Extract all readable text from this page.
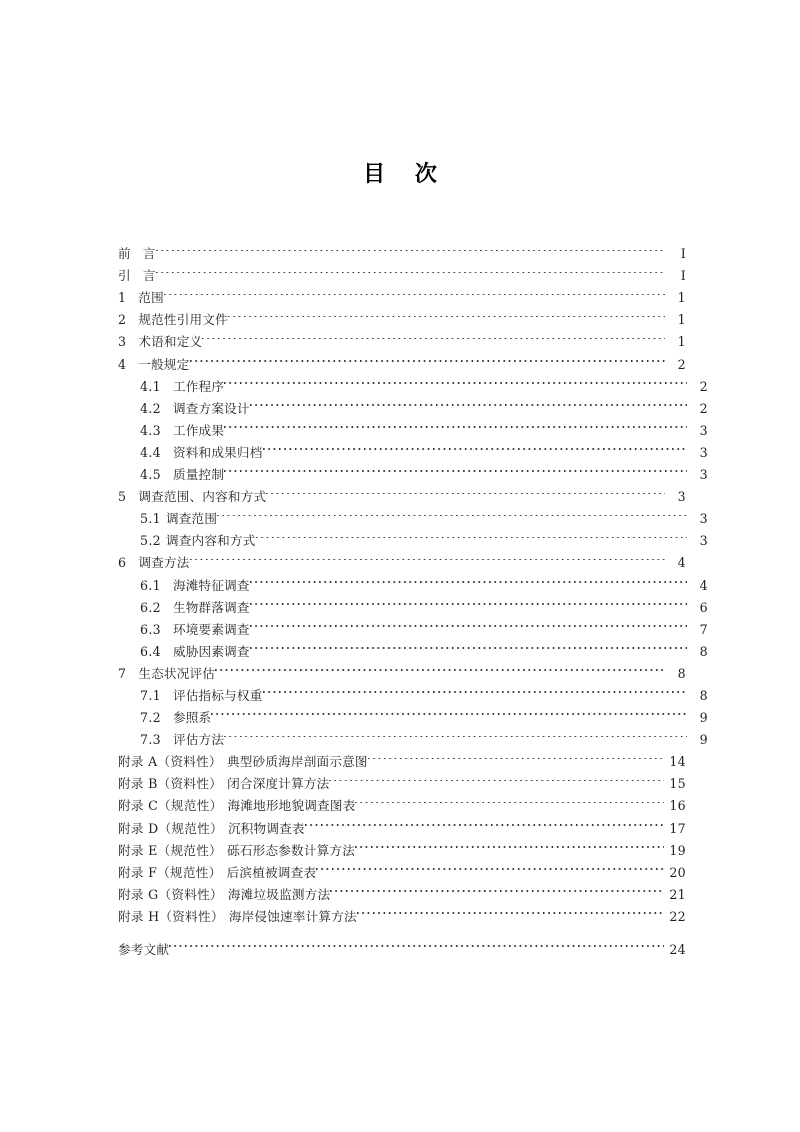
目 次
前 言	I
引 言	I
1 范围	1
2 规范性引用文件	1
3 术语和定义	1
4 一般规定	2
4.1 工作程序	2
4.2 调查方案设计	2
4.3 工作成果	3
4.4 资料和成果归档	3
4.5 质量控制	3
5 调查范围、内容和方式	3
5.1 调查范围	3
5.2 调查内容和方式	3
6 调查方法	4
6.1 海滩特征调查	4
6.2 生物群落调查	6
6.3 环境要素调查	7
6.4 威胁因素调查	8
7 生态状况评估	8
7.1 评估指标与权重	8
7.2 参照系	9
7.3 评估方法	9
附录 A（资料性） 典型砂质海岸剖面示意图	14
附录 B（资料性） 闭合深度计算方法	15
附录 C（规范性） 海滩地形地貌调查图表	16
附录 D（规范性） 沉积物调查表	17
附录 E（规范性） 砾石形态参数计算方法	19
附录 F（规范性） 后滨植被调查表	20
附录 G（资料性） 海滩垃圾监测方法	21
附录 H（资料性） 海岸侵蚀速率计算方法	22
参考文献	24
